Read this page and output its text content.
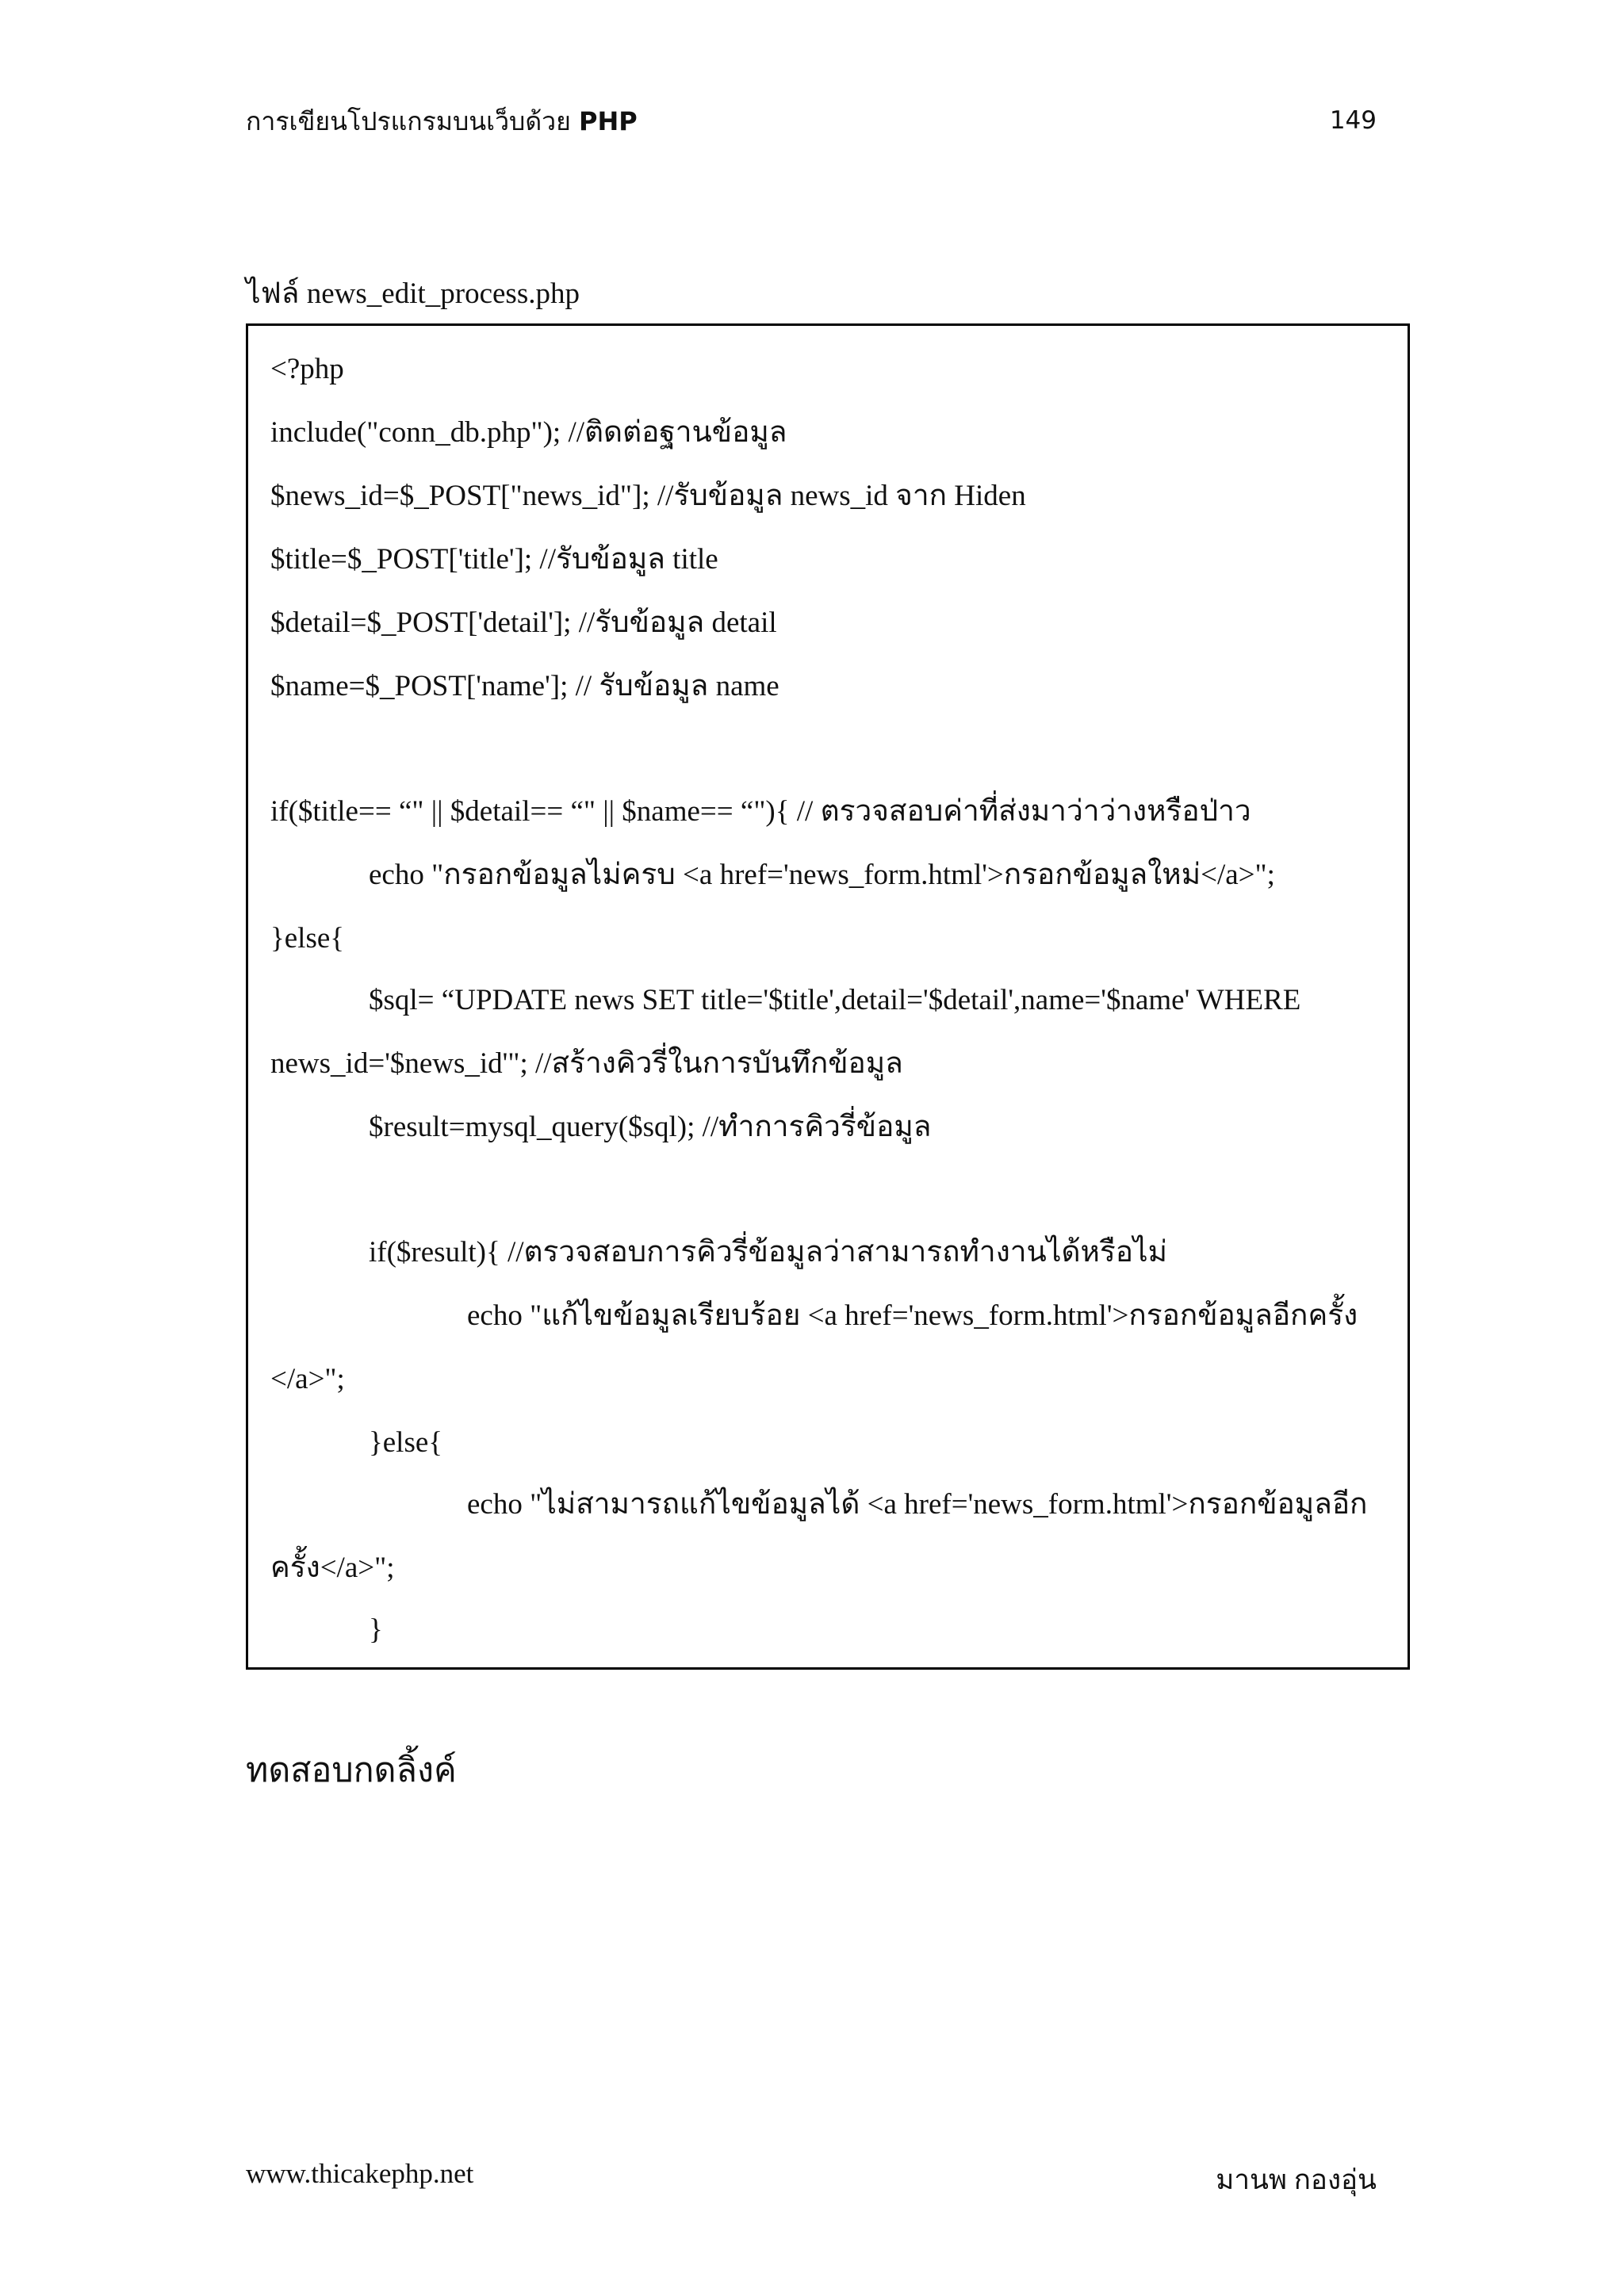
การเขียนโปรแกรมบนเว็บด้วย PHP	149
ไฟล์ news_edit_process.php
<?php
include("conn_db.php"); //ติดต่อฐานข้อมูล
$news_id=$_POST["news_id"]; //รับข้อมูล news_id จาก Hiden
$title=$_POST['title']; //รับข้อมูล title
$detail=$_POST['detail']; //รับข้อมูล detail
$name=$_POST['name']; // รับข้อมูล name
if($title== “" || $detail== “" || $name== “"){ // ตรวจสอบค่าที่ส่งมาว่าว่างหรือป่าว
echo "กรอกข้อมูลไม่ครบ <a href='news_form.html'>กรอกข้อมูลใหม่</a>";
}else{
$sql= “UPDATE news SET title='$title',detail='$detail',name='$name' WHERE
news_id='$news_id'"; //สร้างคิวรี่ในการบันทึกข้อมูล
$result=mysql_query($sql); //ทำการคิวรี่ข้อมูล
if($result){ //ตรวจสอบการคิวรี่ข้อมูลว่าสามารถทำงานได้หรือไม่
echo "แก้ไขข้อมูลเรียบร้อย <a href='news_form.html'>กรอกข้อมูลอีกครั้ง
</a>";
}else{
echo "ไม่สามารถแก้ไขข้อมูลได้ <a href='news_form.html'>กรอกข้อมูลอีก
ครั้ง</a>";
}
ทดสอบกดลิ้งค์
www.thicakephp.net	มานพ กองอุ่น
